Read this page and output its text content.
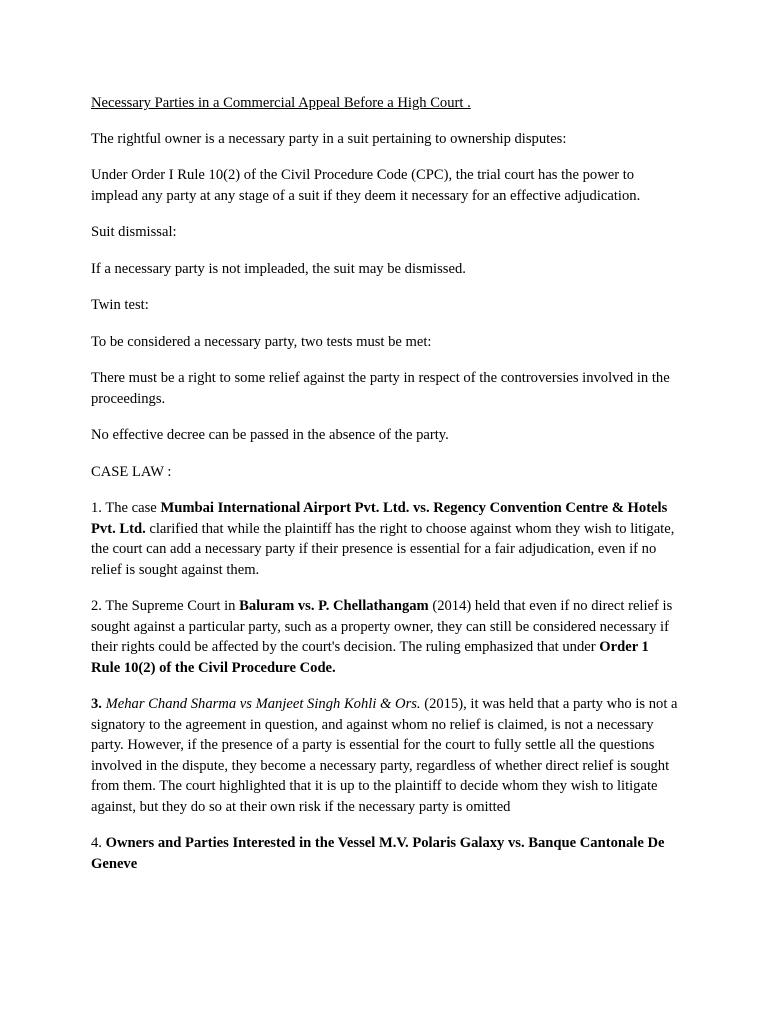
Necessary Parties in a Commercial Appeal Before a High Court .

The rightful owner is a necessary party in a suit pertaining to ownership disputes:

Under Order I Rule 10(2) of the Civil Procedure Code (CPC), the trial court has the power to implead any party at any stage of a suit if they deem it necessary for an effective adjudication.

Suit dismissal:

If a necessary party is not impleaded, the suit may be dismissed.

Twin test:

To be considered a necessary party, two tests must be met:

There must be a right to some relief against the party in respect of the controversies involved in the proceedings.

No effective decree can be passed in the absence of the party.

CASE LAW :

1. The case Mumbai International Airport Pvt. Ltd. vs. Regency Convention Centre & Hotels Pvt. Ltd. clarified that while the plaintiff has the right to choose against whom they wish to litigate, the court can add a necessary party if their presence is essential for a fair adjudication, even if no relief is sought against them.

2. The Supreme Court in Baluram vs. P. Chellathangam (2014) held that even if no direct relief is sought against a particular party, such as a property owner, they can still be considered necessary if their rights could be affected by the court's decision. The ruling emphasized that under Order 1 Rule 10(2) of the Civil Procedure Code.

3. Mehar Chand Sharma vs Manjeet Singh Kohli & Ors. (2015), it was held that a party who is not a signatory to the agreement in question, and against whom no relief is claimed, is not a necessary party. However, if the presence of a party is essential for the court to fully settle all the questions involved in the dispute, they become a necessary party, regardless of whether direct relief is sought from them. The court highlighted that it is up to the plaintiff to decide whom they wish to litigate against, but they do so at their own risk if the necessary party is omitted

4. Owners and Parties Interested in the Vessel M.V. Polaris Galaxy vs. Banque Cantonale De Geneve
